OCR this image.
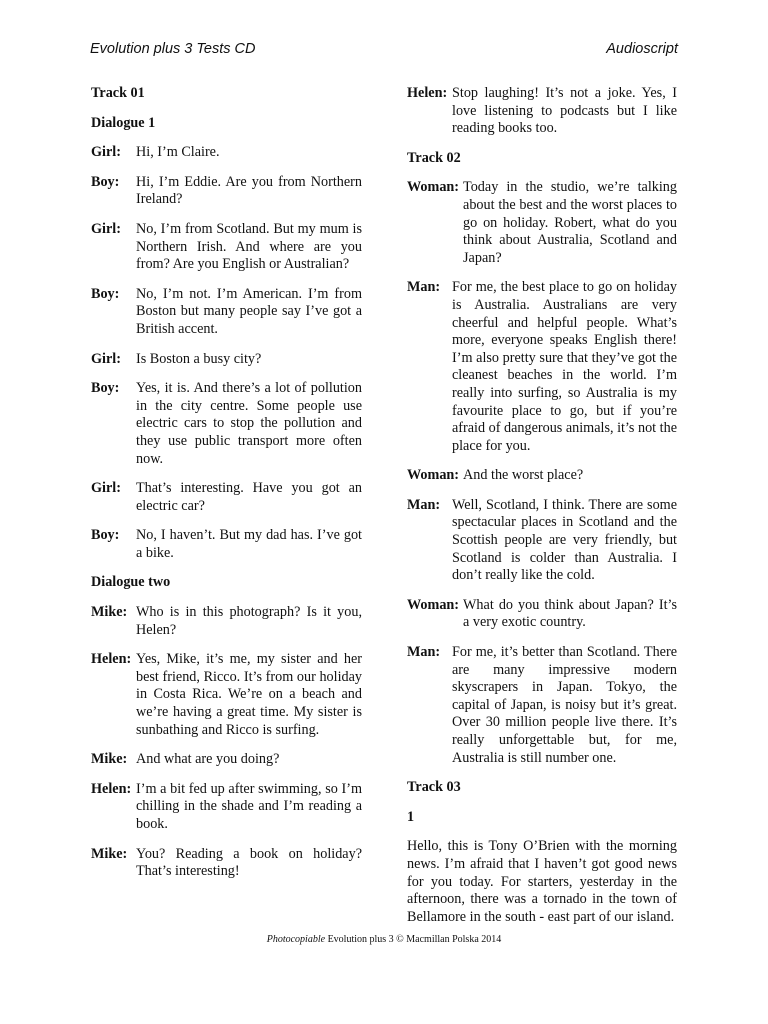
Evolution plus 3 Tests CD	Audioscript
Track 01
Dialogue 1
Girl:	Hi, I’m Claire.
Boy:	Hi, I’m Eddie. Are you from Northern Ireland?
Girl:	No, I’m from Scotland. But my mum is Northern Irish. And where are you from? Are you English or Australian?
Boy:	No, I’m not. I’m American. I’m from Boston but many people say I’ve got a British accent.
Girl:	Is Boston a busy city?
Boy:	Yes, it is. And there’s a lot of pollution in the city centre. Some people use electric cars to stop the pollution and they use public transport more often now.
Girl:	That’s interesting. Have you got an electric car?
Boy:	No, I haven’t. But my dad has. I’ve got a bike.
Dialogue two
Mike: Who is in this photograph? Is it you, Helen?
Helen: Yes, Mike, it’s me, my sister and her best friend, Ricco. It’s from our holiday in Costa Rica. We’re on a beach and we’re having a great time. My sister is sunbathing and Ricco is surfing.
Mike: And what are you doing?
Helen: I’m a bit fed up after swimming, so I’m chilling in the shade and I’m reading a book.
Mike: You? Reading a book on holiday? That’s interesting!
Helen: Stop laughing! It’s not a joke. Yes, I love listening to podcasts but I like reading books too.
Track 02
Woman: Today in the studio, we’re talking about the best and the worst places to go on holiday. Robert, what do you think about Australia, Scotland and Japan?
Man: For me, the best place to go on holiday is Australia. Australians are very cheerful and helpful people. What’s more, everyone speaks English there! I’m also pretty sure that they’ve got the cleanest beaches in the world. I’m really into surfing, so Australia is my favourite place to go, but if you’re afraid of dangerous animals, it’s not the place for you.
Woman: And the worst place?
Man: Well, Scotland, I think. There are some spectacular places in Scotland and the Scottish people are very friendly, but Scotland is colder than Australia. I don’t really like the cold.
Woman: What do you think about Japan? It’s a very exotic country.
Man: For me, it’s better than Scotland. There are many impressive modern skyscrapers in Japan. Tokyo, the capital of Japan, is noisy but it’s great. Over 30 million people live there. It’s really unforgettable but, for me, Australia is still number one.
Track 03
1

Hello, this is Tony O’Brien with the morning news. I’m afraid that I haven’t got good news for you today. For starters, yesterday in the afternoon, there was a tornado in the town of Bellamore in the south - east part of our island.

Photocopiable Evolution plus 3 © Macmillan Polska 2014
